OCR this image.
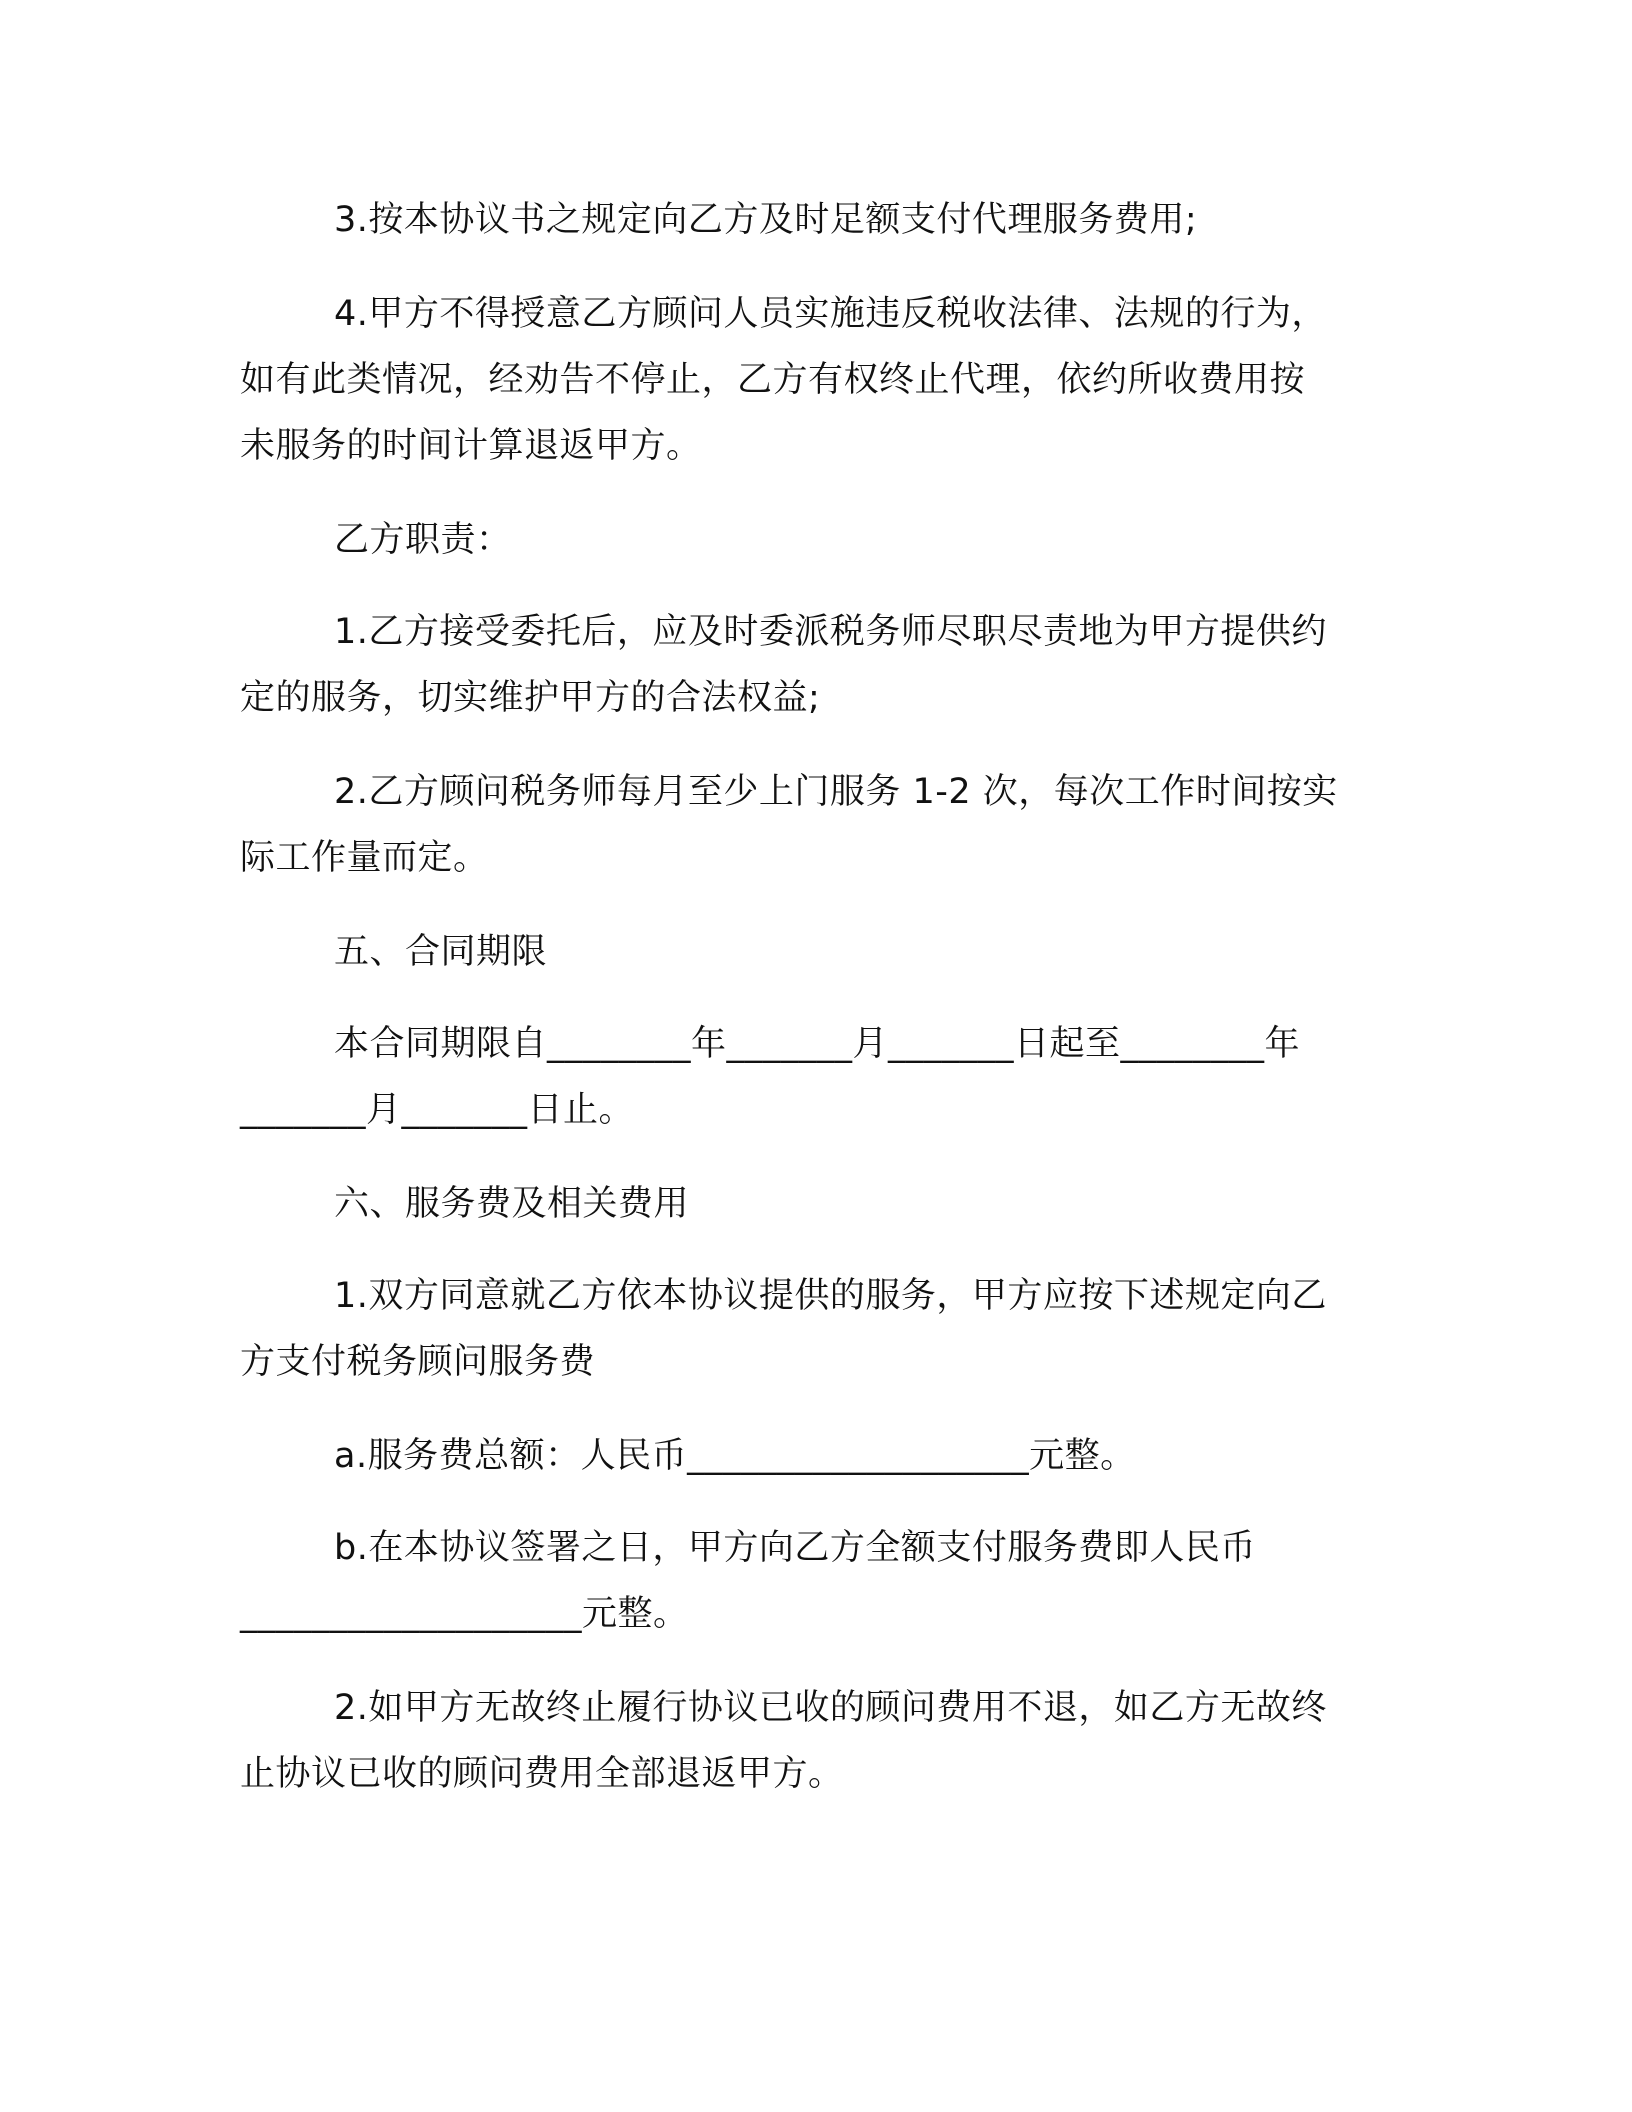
3.按本协议书之规定向乙方及时足额支付代理服务费用;
4.甲方不得授意乙方顾问人员实施违反税收法律、法规的行为，
如有此类情况，经劝告不停止，乙方有权终止代理，依约所收费用按
未服务的时间计算退返甲方。
乙方职责：
1.乙方接受委托后，应及时委派税务师尽职尽责地为甲方提供约
定的服务，切实维护甲方的合法权益;
2.乙方顾问税务师每月至少上门服务 1-2 次，每次工作时间按实
际工作量而定。
五、合同期限
本合同期限自________年_______月_______日起至________年
_______月_______日止。
六、服务费及相关费用
1.双方同意就乙方依本协议提供的服务，甲方应按下述规定向乙
方支付税务顾问服务费
a.服务费总额：人民币___________________元整。
b.在本协议签署之日，甲方向乙方全额支付服务费即人民币
___________________元整。
2.如甲方无故终止履行协议已收的顾问费用不退，如乙方无故终
止协议已收的顾问费用全部退返甲方。
